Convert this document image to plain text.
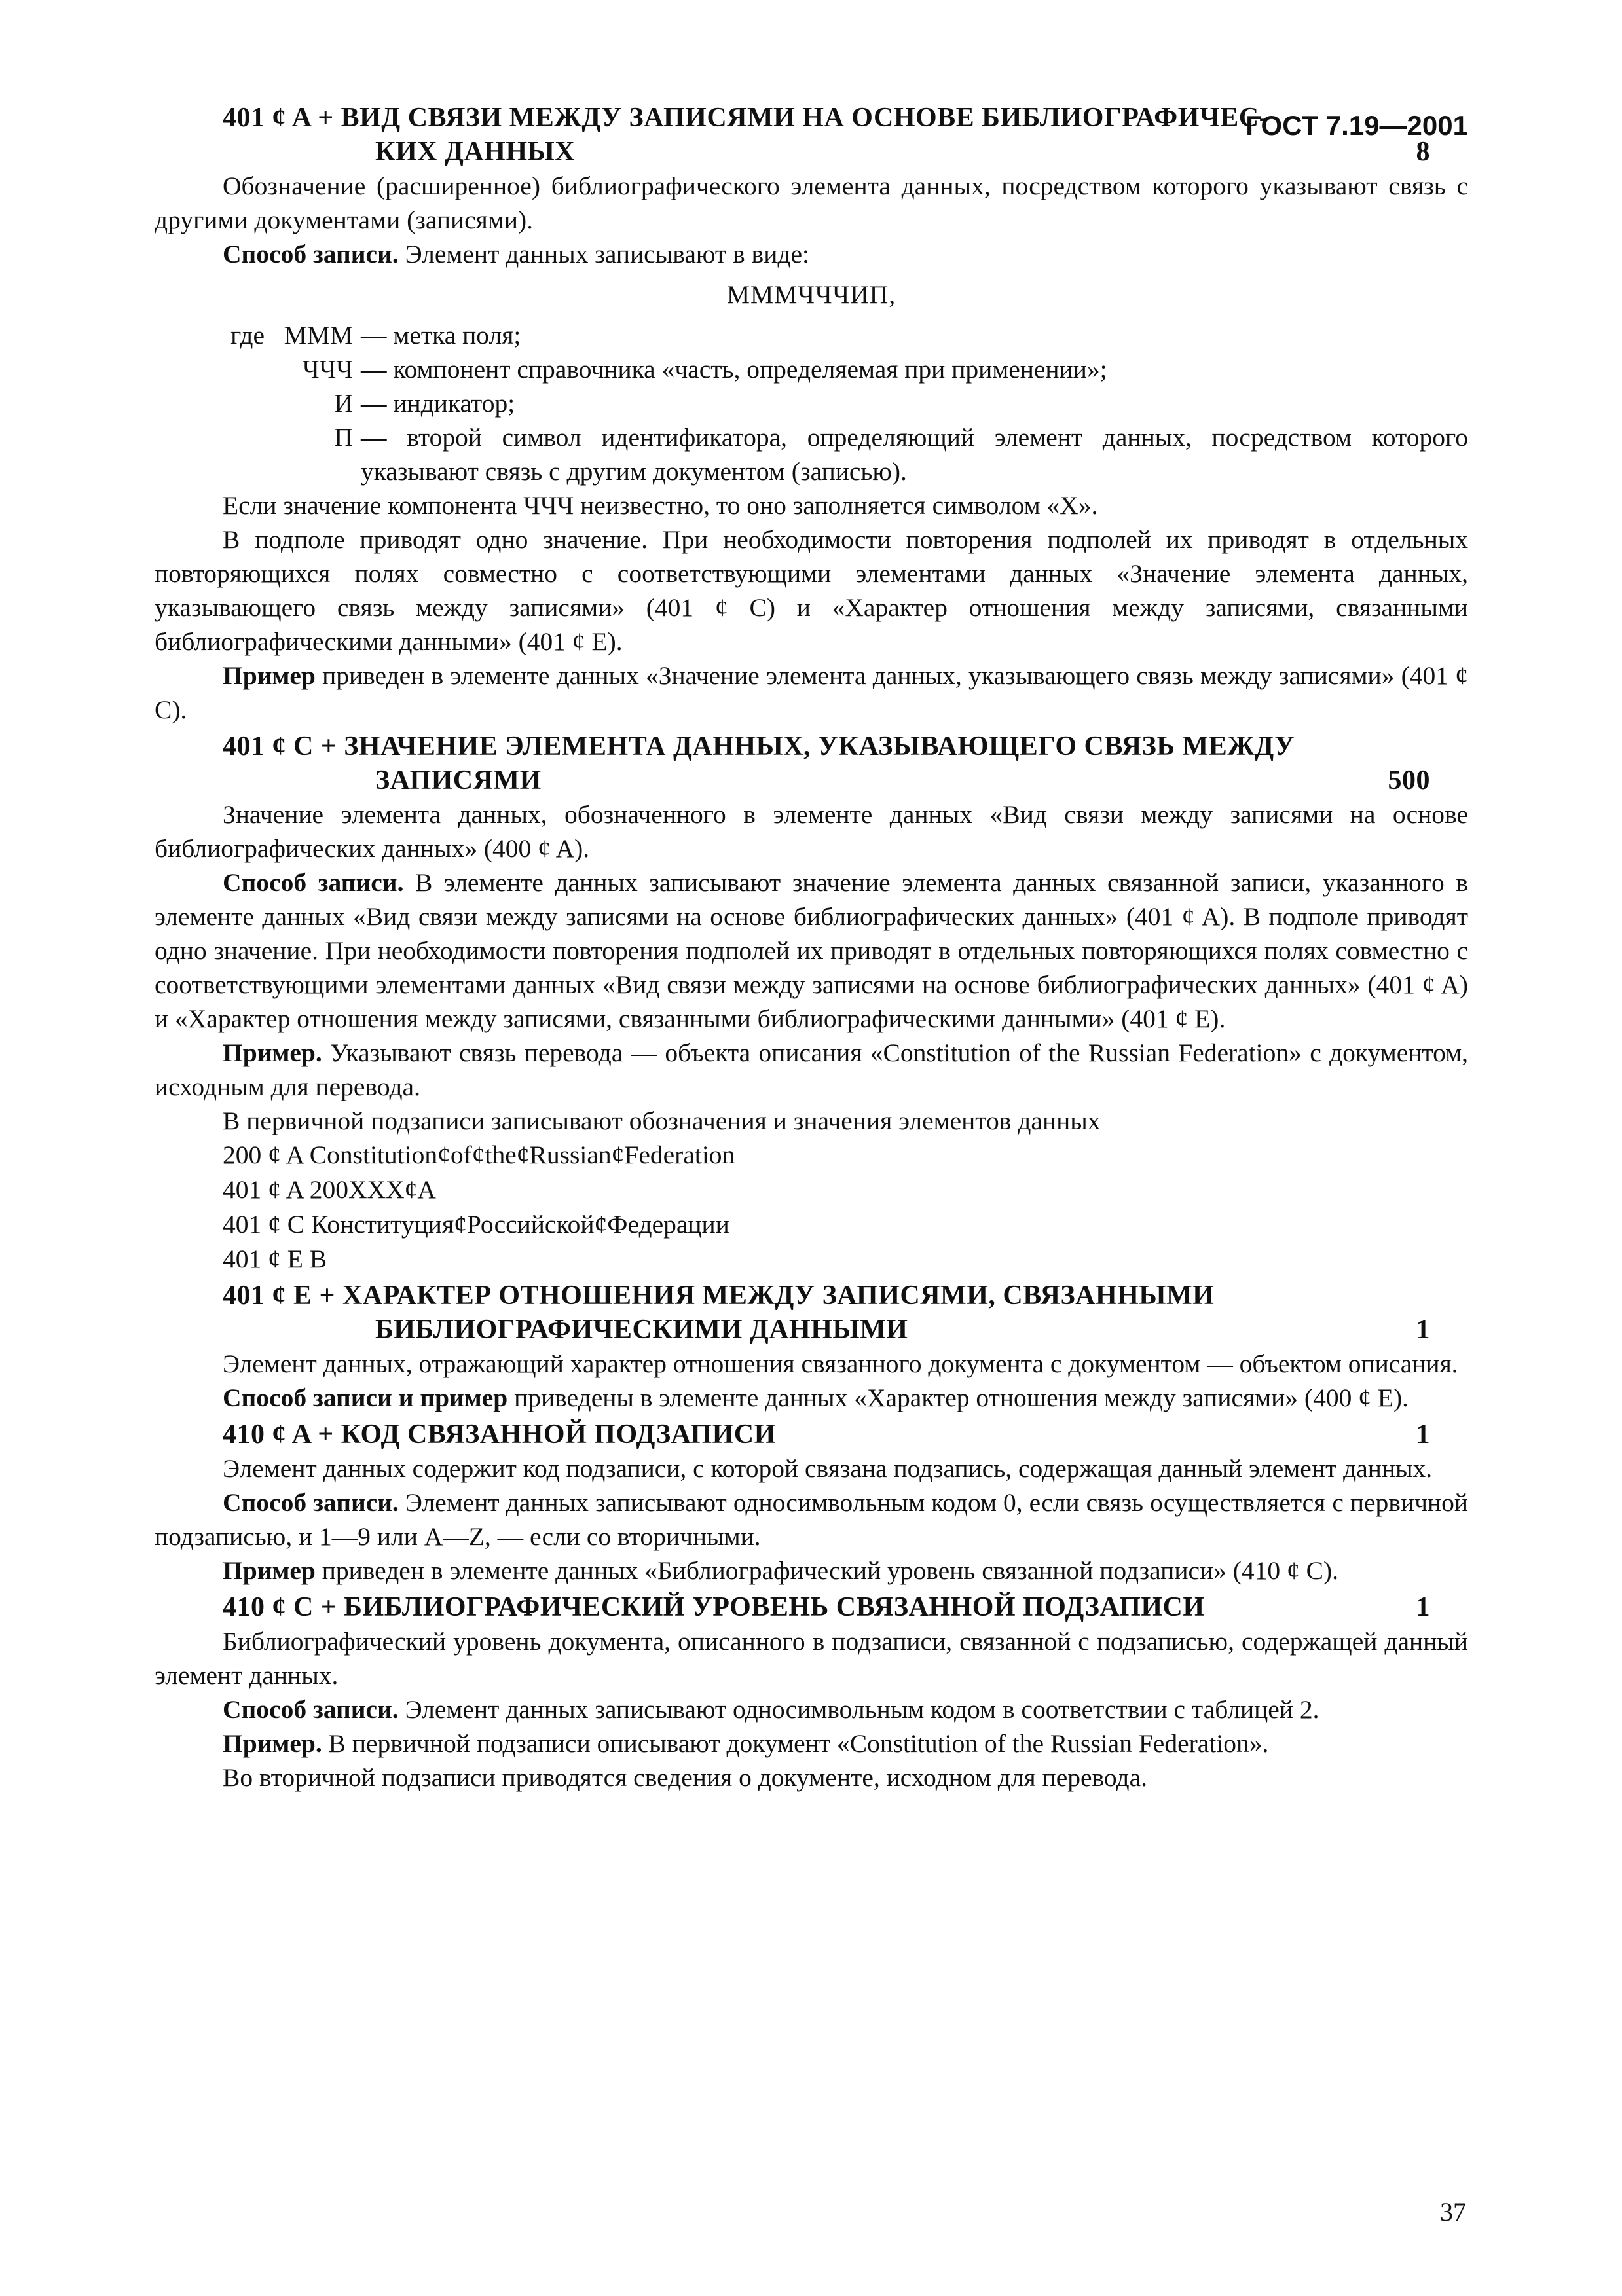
ГОСТ 7.19—2001
401 ȼ A + ВИД СВЯЗИ МЕЖДУ ЗАПИСЯМИ НА ОСНОВЕ БИБЛИОГРАФИЧЕС-
КИХ ДАННЫХ	8

Обозначение (расширенное) библиографического элемента данных, посредством которого указывают связь с другими документами (записями).

Способ записи. Элемент данных записывают в виде:

МММЧЧЧИП,
где МММ — метка поля;
ЧЧЧ — компонент справочника «часть, определяемая при применении»;
И — индикатор;
П — второй символ идентификатора, определяющий элемент данных, посредством которого указывают связь с другим документом (записью).

Если значение компонента ЧЧЧ неизвестно, то оно заполняется символом «X».

В подполе приводят одно значение. При необходимости повторения подполей их приводят в отдельных повторяющихся полях совместно с соответствующими элементами данных «Значение элемента данных, указывающего связь между записями» (401 ȼ C) и «Характер отношения между записями, связанными библиографическими данными» (401 ȼ E).

Пример приведен в элементе данных «Значение элемента данных, указывающего связь между записями» (401 ȼ C).

401 ȼ C + ЗНАЧЕНИЕ ЭЛЕМЕНТА ДАННЫХ, УКАЗЫВАЮЩЕГО СВЯЗЬ МЕЖДУ
ЗАПИСЯМИ	500

Значение элемента данных, обозначенного в элементе данных «Вид связи между записями на основе библиографических данных» (400 ȼ A).

Способ записи. В элементе данных записывают значение элемента данных связанной записи, указанного в элементе данных «Вид связи между записями на основе библиографических данных» (401 ȼ A). В подполе приводят одно значение. При необходимости повторения подполей их приводят в отдельных повторяющихся полях совместно с соответствующими элементами данных «Вид связи между записями на основе библиографических данных» (401 ȼ A) и «Характер отношения между записями, связанными библиографическими данными» (401 ȼ E).

Пример. Указывают связь перевода — объекта описания «Constitution of the Russian Federation» с документом, исходным для перевода.

В первичной подзаписи записывают обозначения и значения элементов данных

200 ȼ A ConstitutionȼofȼtheȼRussianȼFederation
401 ȼ A 200XXXȼA
401 ȼ C КонституцияȼРоссийскойȼФедерации
401 ȼ E B
401 ȼ E + ХАРАКТЕР ОТНОШЕНИЯ МЕЖДУ ЗАПИСЯМИ, СВЯЗАННЫМИ
БИБЛИОГРАФИЧЕСКИМИ ДАННЫМИ	1

Элемент данных, отражающий характер отношения связанного документа с документом — объектом описания.

Способ записи и пример приведены в элементе данных «Характер отношения между записями» (400 ȼ E).

410 ȼ A + КОД СВЯЗАННОЙ ПОДЗАПИСИ	1

Элемент данных содержит код подзаписи, с которой связана подзапись, содержащая данный элемент данных.

Способ записи. Элемент данных записывают односимвольным кодом 0, если связь осуществляется с первичной подзаписью, и 1—9 или A—Z, — если со вторичными.

Пример приведен в элементе данных «Библиографический уровень связанной подзаписи» (410 ȼ C).

410 ȼ C + БИБЛИОГРАФИЧЕСКИЙ УРОВЕНЬ СВЯЗАННОЙ ПОДЗАПИСИ	1

Библиографический уровень документа, описанного в подзаписи, связанной с подзаписью, содержащей данный элемент данных.

Способ записи. Элемент данных записывают односимвольным кодом в соответствии с таблицей 2.

Пример. В первичной подзаписи описывают документ «Constitution of the Russian Federation».

Во вторичной подзаписи приводятся сведения о документе, исходном для перевода.

37
